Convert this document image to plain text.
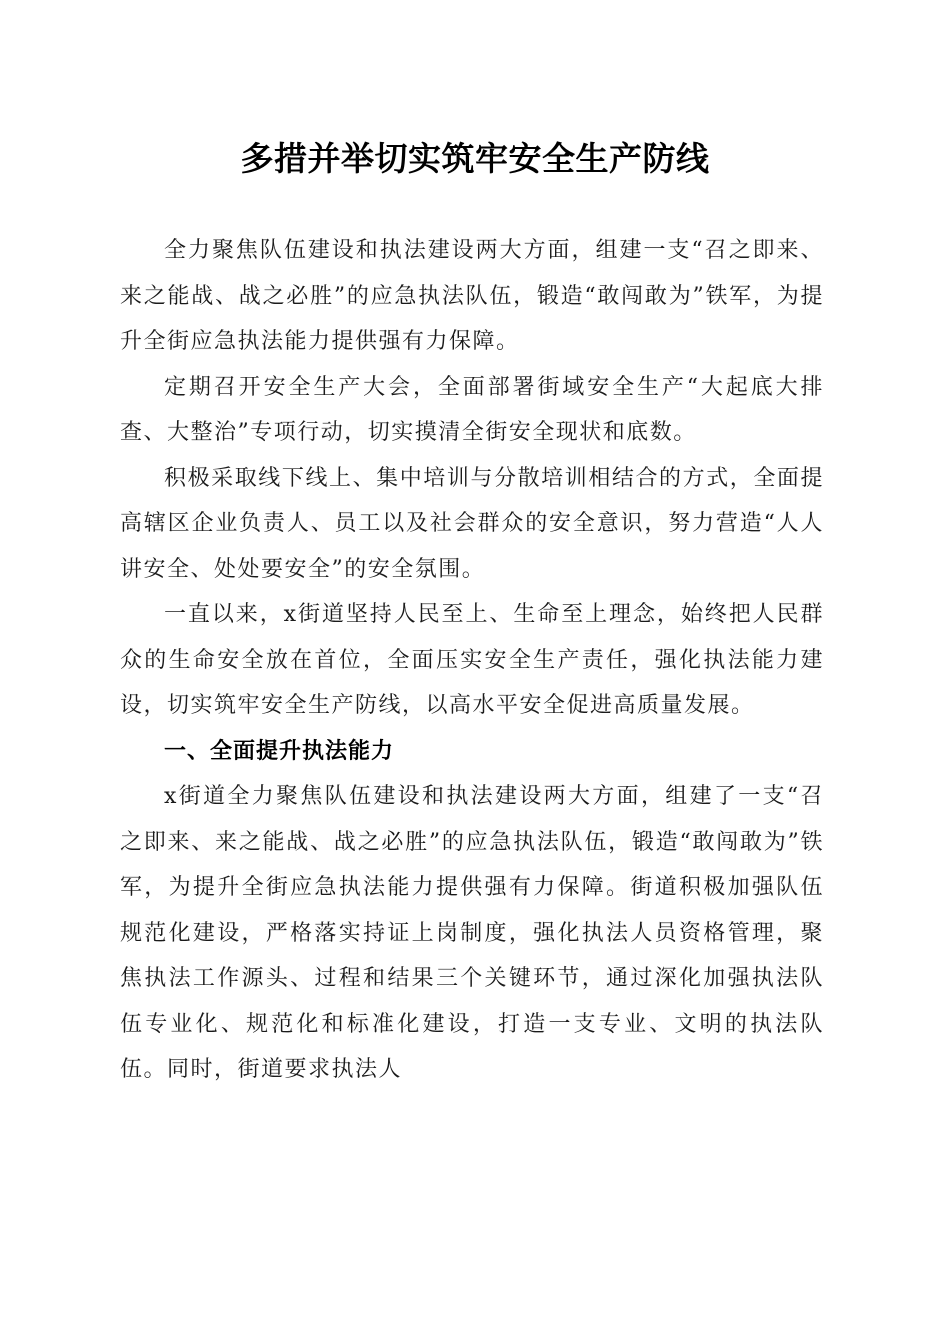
多措并举切实筑牢安全生产防线

全力聚焦队伍建设和执法建设两大方面，组建一支“召之即来、来之能战、战之必胜”的应急执法队伍，锻造“敢闯敢为”铁军，为提升全街应急执法能力提供强有力保障。

定期召开安全生产大会，全面部署街域安全生产“大起底大排查、大整治”专项行动，切实摸清全街安全现状和底数。

积极采取线下线上、集中培训与分散培训相结合的方式，全面提高辖区企业负责人、员工以及社会群众的安全意识，努力营造“人人讲安全、处处要安全”的安全氛围。

一直以来，x街道坚持人民至上、生命至上理念，始终把人民群众的生命安全放在首位，全面压实安全生产责任，强化执法能力建设，切实筑牢安全生产防线，以高水平安全促进高质量发展。

一、全面提升执法能力

x街道全力聚焦队伍建设和执法建设两大方面，组建了一支“召之即来、来之能战、战之必胜”的应急执法队伍，锻造“敢闯敢为”铁军，为提升全街应急执法能力提供强有力保障。街道积极加强队伍规范化建设，严格落实持证上岗制度，强化执法人员资格管理，聚焦执法工作源头、过程和结果三个关键环节，通过深化加强执法队伍专业化、规范化和标准化建设，打造一支专业、文明的执法队伍。同时，街道要求执法人
